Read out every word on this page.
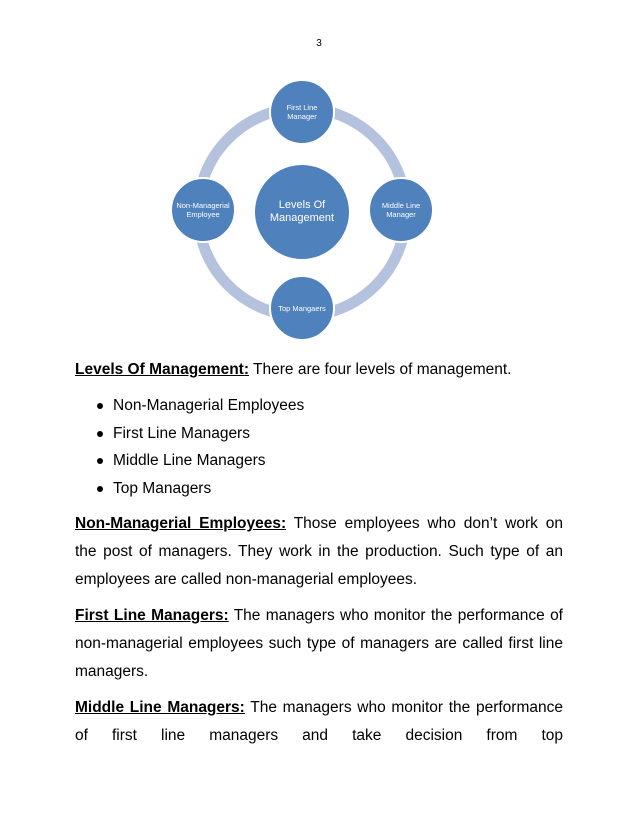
3
Levels Of Management
First Line Manager
Middle Line Manager
Top Mangaers
Non-Managerial Employee

Levels Of Management: There are four levels of management.

Non-Managerial Employees
First Line Managers
Middle Line Managers
Top Managers

Non-Managerial Employees: Those employees who don’t work on the post of managers. They work in the production. Such type of an employees are called non-managerial employees.

First Line Managers: The managers who monitor the performance of non-managerial employees such type of managers are called first line managers.

Middle Line Managers: The managers who monitor the performance of first line managers and take decision from top
